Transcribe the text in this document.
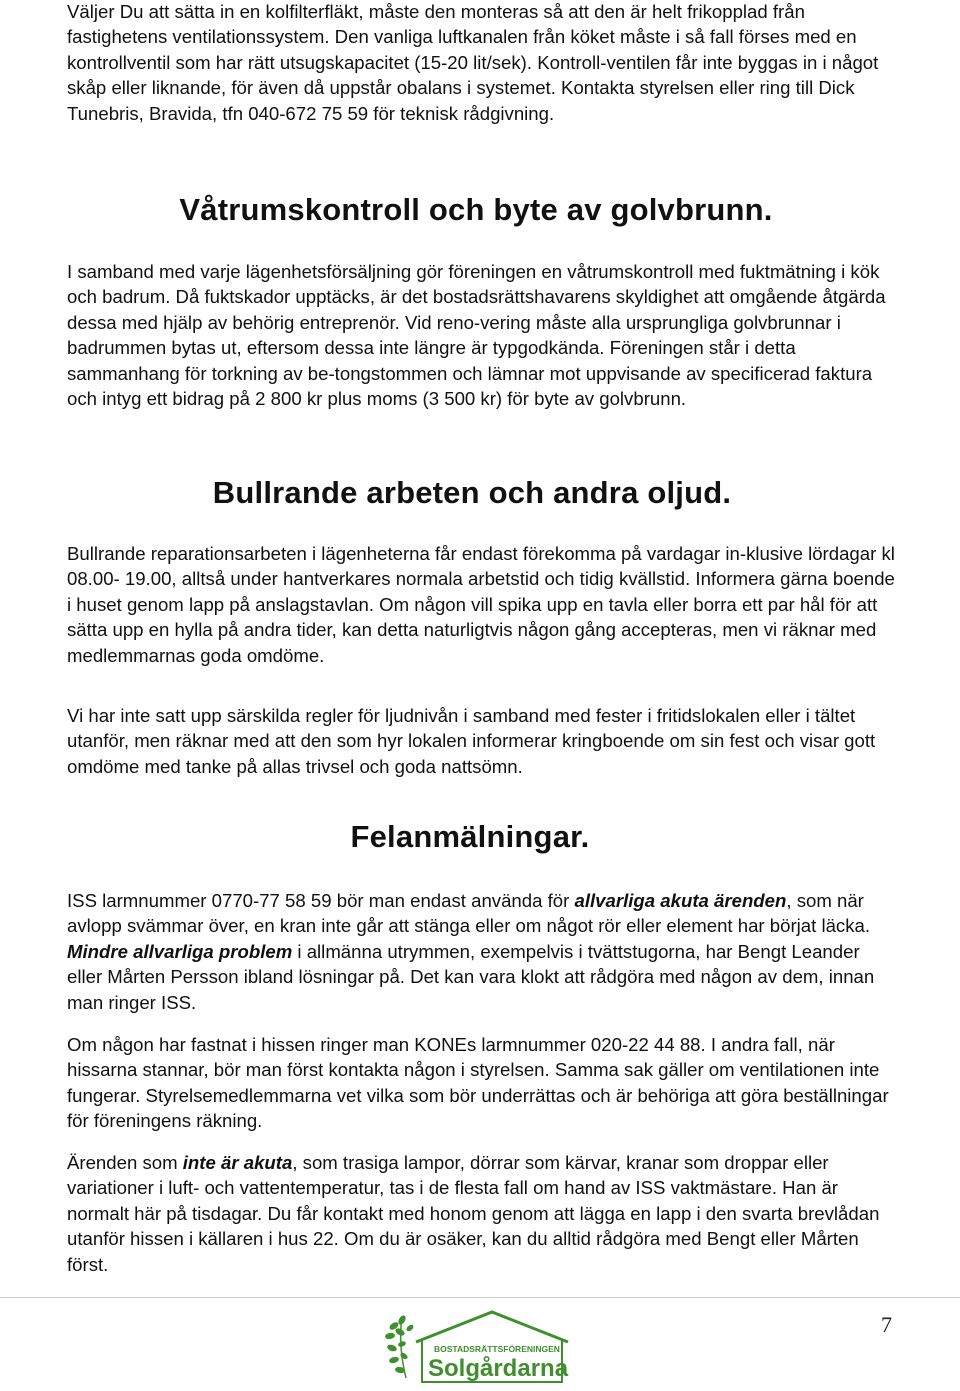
Väljer Du att sätta in en kolfilterfläkt, måste den monteras så att den är helt frikopplad från fastighetens ventilationssystem. Den vanliga luftkanalen från köket måste i så fall förses med en kontrollventil som har rätt utsugskapacitet (15-20 lit/sek). Kontroll-ventilen får inte byggas in i något skåp eller liknande, för även då uppstår obalans i systemet. Kontakta styrelsen eller ring till Dick Tunebris, Bravida, tfn 040-672 75 59 för teknisk rådgivning.

Våtrumskontroll och byte av golvbrunn.

I samband med varje lägenhetsförsäljning gör föreningen en våtrumskontroll med fuktmätning i kök och badrum. Då fuktskador upptäcks, är det bostadsrättshavarens skyldighet att omgående åtgärda dessa med hjälp av behörig entreprenör. Vid reno-vering måste alla ursprungliga golvbrunnar i badrummen bytas ut, eftersom dessa inte längre är typgodkända. Föreningen står i detta sammanhang för torkning av be-tongstommen och lämnar mot uppvisande av specificerad faktura och intyg ett bidrag på 2 800 kr plus moms (3 500 kr) för byte av golvbrunn.

Bullrande arbeten och andra oljud.

Bullrande reparationsarbeten i lägenheterna får endast förekomma på vardagar in-klusive lördagar kl 08.00- 19.00, alltså under hantverkares normala arbetstid och tidig kvällstid. Informera gärna boende i huset genom lapp på anslagstavlan. Om någon vill spika upp en tavla eller borra ett par hål för att sätta upp en hylla på andra tider, kan detta naturligtvis någon gång accepteras, men vi räknar med medlemmarnas goda omdöme.

Vi har inte satt upp särskilda regler för ljudnivån i samband med fester i fritidslokalen eller i tältet utanför, men räknar med att den som hyr lokalen informerar kringboende om sin fest och visar gott omdöme med tanke på allas trivsel och goda nattsömn.

Felanmälningar.

ISS larmnummer 0770-77 58 59 bör man endast använda för allvarliga akuta ärenden, som när avlopp svämmar över, en kran inte går att stänga eller om något rör eller element har börjat läcka. Mindre allvarliga problem i allmänna utrymmen, exempelvis i tvättstugorna, har Bengt Leander eller Mårten Persson ibland lösningar på. Det kan vara klokt att rådgöra med någon av dem, innan man ringer ISS.

Om någon har fastnat i hissen ringer man KONEs larmnummer 020-22 44 88. I andra fall, när hissarna stannar, bör man först kontakta någon i styrelsen. Samma sak gäller om ventilationen inte fungerar. Styrelsemedlemmarna vet vilka som bör underrättas och är behöriga att göra beställningar för föreningens räkning.

Ärenden som inte är akuta, som trasiga lampor, dörrar som kärvar, kranar som droppar eller variationer i luft- och vattentemperatur, tas i de flesta fall om hand av ISS vaktmästare. Han är normalt här på tisdagar. Du får kontakt med honom genom att lägga en lapp i den svarta brevlådan utanför hissen i källaren i hus 22. Om du är osäker, kan du alltid rådgöra med Bengt eller Mårten först.

BOSTADSRÄTTSFÖRENINGEN
Solgårdarna
7
